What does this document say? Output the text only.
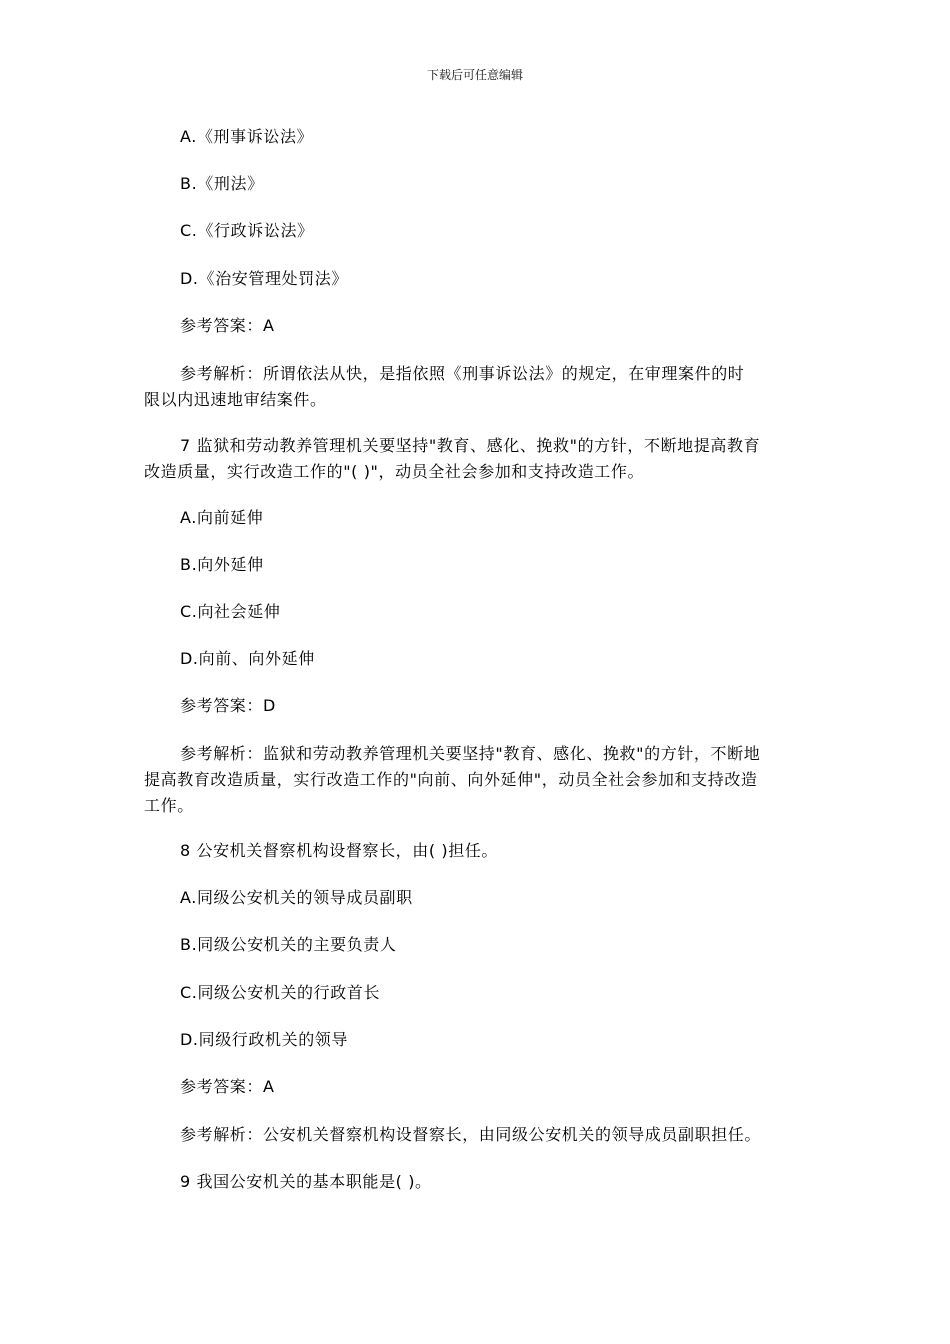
下载后可任意编辑
A.《刑事诉讼法》
B.《刑法》
C.《行政诉讼法》
D.《治安管理处罚法》
参考答案：A
参考解析：所谓依法从快，是指依照《刑事诉讼法》的规定，在审理案件的时
限以内迅速地审结案件。
7 监狱和劳动教养管理机关要坚持"教育、感化、挽救"的方针，不断地提高教育
改造质量，实行改造工作的"( )"，动员全社会参加和支持改造工作。
A.向前延伸
B.向外延伸
C.向社会延伸
D.向前、向外延伸
参考答案：D
参考解析：监狱和劳动教养管理机关要坚持"教育、感化、挽救"的方针，不断地
提高教育改造质量，实行改造工作的"向前、向外延伸"，动员全社会参加和支持改造
工作。
8 公安机关督察机构设督察长，由( )担任。
A.同级公安机关的领导成员副职
B.同级公安机关的主要负责人
C.同级公安机关的行政首长
D.同级行政机关的领导
参考答案：A
参考解析：公安机关督察机构设督察长，由同级公安机关的领导成员副职担任。
9 我国公安机关的基本职能是( )。
